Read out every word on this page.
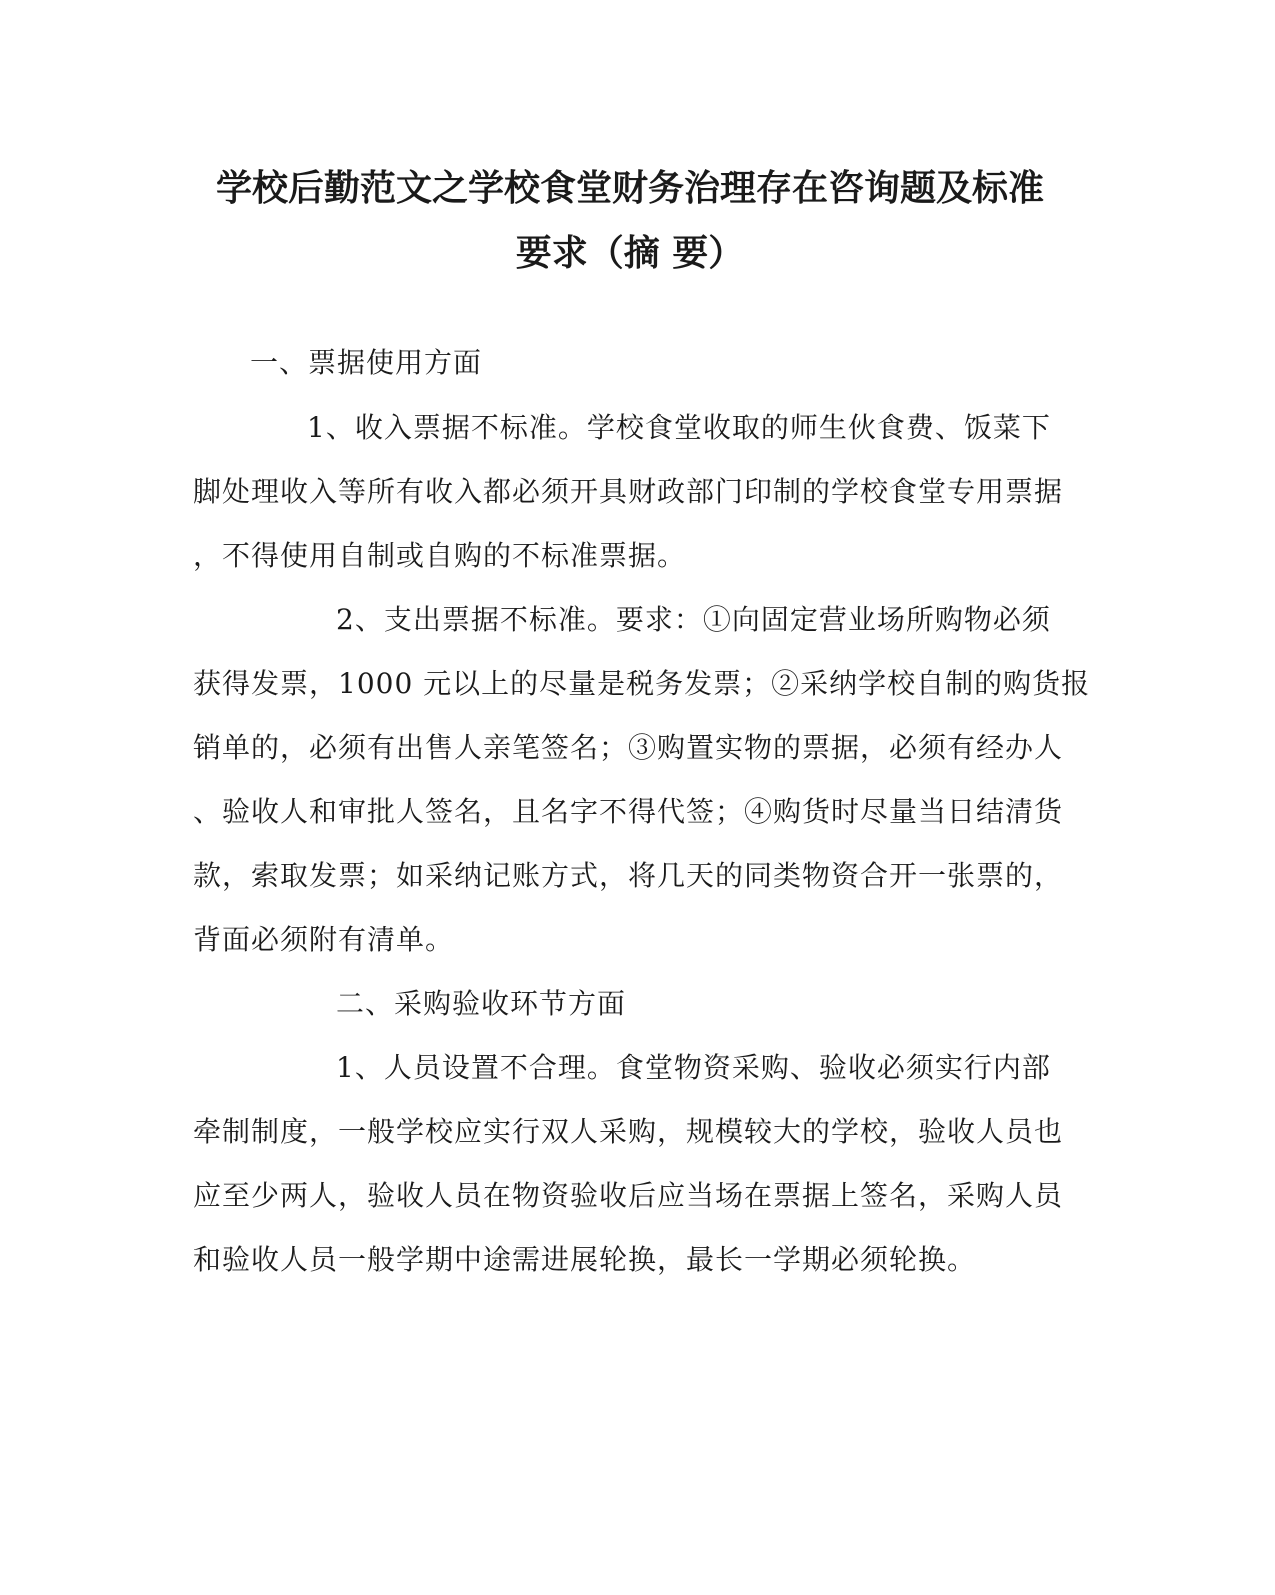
学校后勤范文之学校食堂财务治理存在咨询题及标准
要求（摘 要）
一、票据使用方面
1、收入票据不标准。学校食堂收取的师生伙食费、饭菜下
脚处理收入等所有收入都必须开具财政部门印制的学校食堂专用票据
，不得使用自制或自购的不标准票据。
2、支出票据不标准。要求：①向固定营业场所购物必须
获得发票，1000 元以上的尽量是税务发票；②采纳学校自制的购货报
销单的，必须有出售人亲笔签名；③购置实物的票据，必须有经办人
、验收人和审批人签名，且名字不得代签；④购货时尽量当日结清货
款，索取发票；如采纳记账方式，将几天的同类物资合开一张票的，
背面必须附有清单。
二、采购验收环节方面
1、人员设置不合理。食堂物资采购、验收必须实行内部
牵制制度，一般学校应实行双人采购，规模较大的学校，验收人员也
应至少两人，验收人员在物资验收后应当场在票据上签名，采购人员
和验收人员一般学期中途需进展轮换，最长一学期必须轮换。
